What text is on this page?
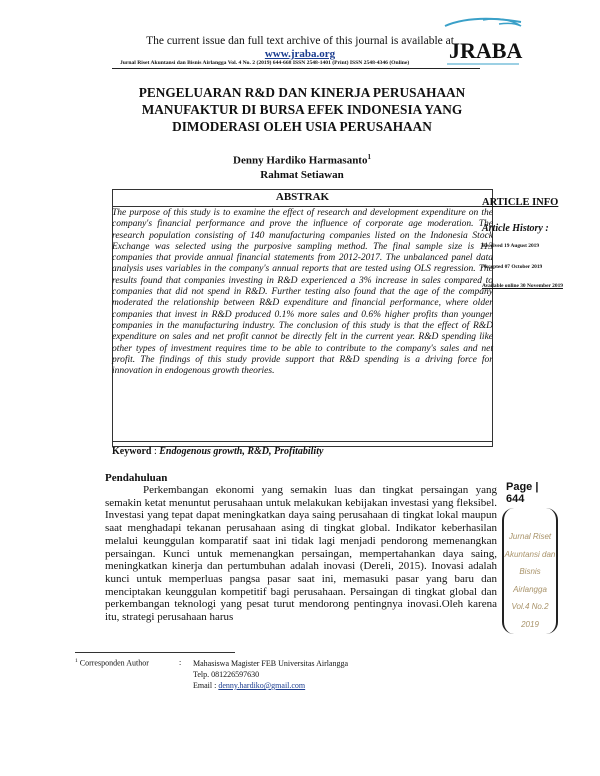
The current issue dan full text archive of this journal is available at
www.jraba.org
Jurnal Riset Akuntansi dan Bisnis Airlangga Vol. 4 No. 2 (2019) 644-668 ISSN 2548-1401 (Print) ISSN 2548-4346 (Online) JRABA
PENGELUARAN R&D DAN KINERJA PERUSAHAAN
MANUFAKTUR DI BURSA EFEK INDONESIA YANG
DIMODERASI OLEH USIA PERUSAHAAN
Denny Hardiko Harmasanto$^1$
Rahmat Setiawan
ABSTRAK
The purpose of this study is to examine the effect of research and development expenditure on the company's financial performance and prove the influence of corporate age moderation. The research population consisting of 140 manufacturing companies listed on the Indonesia Stock Exchange was selected using the purposive sampling method. The final sample size is 113 companies that provide annual financial statements from 2012-2017. The unbalanced panel data analysis uses variables in the company's annual reports that are tested using OLS regression. The results found that companies investing in R&D experienced a 3% increase in sales compared to companies that did not spend in R&D. Further testing also found that the age of the company moderated the relationship between R&D expenditure and financial performance, where older companies that invest in R&D produced 0.1% more sales and 0.6% higher profits than younger companies in the manufacturing industry. The conclusion of this study is that the effect of R&D expenditure on sales and net profit cannot be directly felt in the current year. R&D spending like other types of investment requires time to be able to contribute to the company's sales and net profit. The findings of this study provide support that R&D spending is a driving force for innovation in endogenous growth theories.
Keyword : Endogenous growth, R&D, Profitability
ARTICLE INFO
Article History :
Received 19 August 2019
Accepted 07 October 2019
Available online 30 November 2019
Pendahuluan

Perkembangan ekonomi yang semakin luas dan tingkat persaingan yang semakin ketat menuntut perusahaan untuk melakukan kebijakan investasi yang fleksibel. Investasi yang tepat dapat meningkatkan daya saing perusahaan di tingkat lokal maupun saat menghadapi tekanan perusahaan asing di tingkat global. Indikator keberhasilan melalui keunggulan komparatif saat ini tidak lagi menjadi pendorong memenangkan persaingan. Kunci untuk memenangkan persaingan, mempertahankan daya saing, meningkatkan kinerja dan pertumbuhan adalah inovasi (Dereli, 2015). Inovasi adalah kunci untuk memperluas pangsa pasar saat ini, memasuki pasar yang baru dan menciptakan keunggulan kompetitif bagi perusahaan. Persaingan di tingkat global dan perkembangan teknologi yang pesat turut mendorong pentingnya inovasi.Oleh karena itu, strategi perusahaan harus

Page | 644
Jurnal Riset
Akuntansi dan
Bisnis Airlangga
Vol.4 No.2
2019
$^1$ Corresponden Author	: Mahasiswa Magister FEB Universitas Airlangga
Telp. 081226597630
Email : denny.hardiko@gmail.com
